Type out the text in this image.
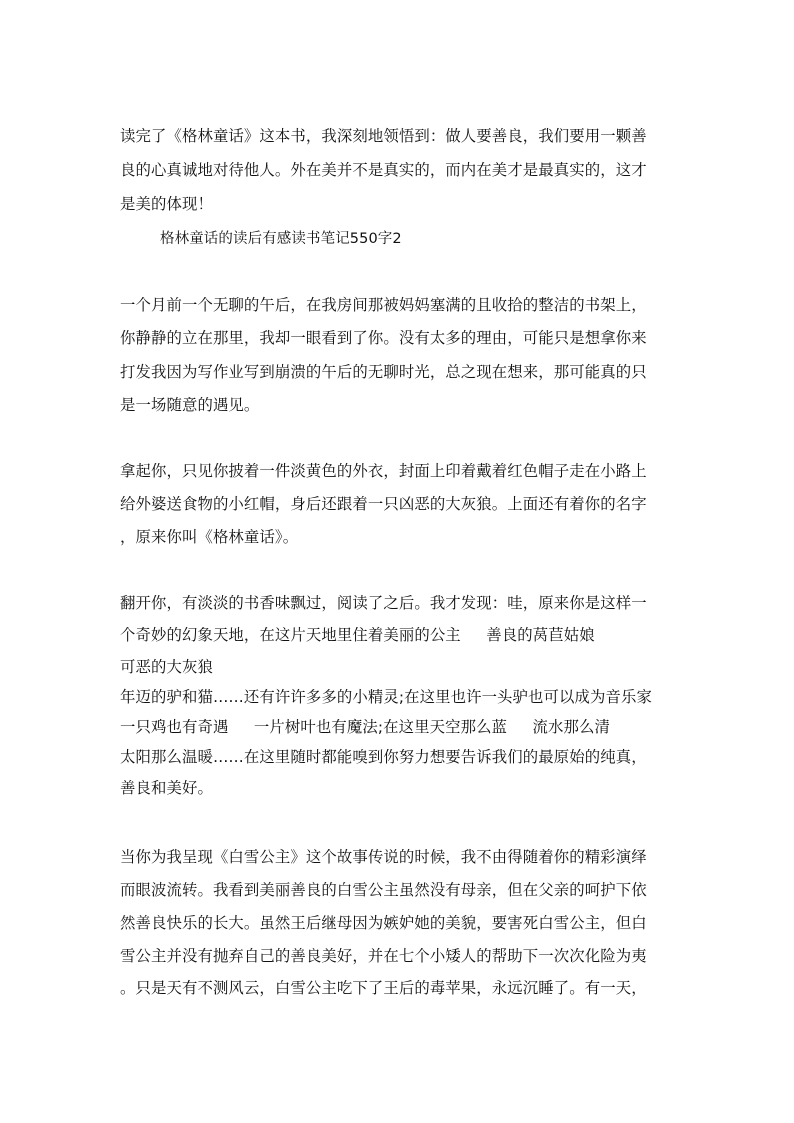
读完了《格林童话》这本书，我深刻地领悟到：做人要善良，我们要用一颗善
良的心真诚地对待他人。外在美并不是真实的，而内在美才是最真实的，这才
是美的体现！
格林童话的读后有感读书笔记550字2
一个月前一个无聊的午后，在我房间那被妈妈塞满的且收拾的整洁的书架上，
你静静的立在那里，我却一眼看到了你。没有太多的理由，可能只是想拿你来
打发我因为写作业写到崩溃的午后的无聊时光，总之现在想来，那可能真的只
是一场随意的遇见。
拿起你，只见你披着一件淡黄色的外衣，封面上印着戴着红色帽子走在小路上
给外婆送食物的小红帽，身后还跟着一只凶恶的大灰狼。上面还有着你的名字
，原来你叫《格林童话》。
翻开你，有淡淡的书香味飘过，阅读了之后。我才发现：哇，原来你是这样一
个奇妙的幻象天地，在这片天地里住着美丽的公主 　 善良的莴苣姑娘
可恶的大灰狼
年迈的驴和猫……还有许许多多的小精灵;在这里也许一头驴也可以成为音乐家
一只鸡也有奇遇 　 一片树叶也有魔法;在这里天空那么蓝 　 流水那么清
太阳那么温暖……在这里随时都能嗅到你努力想要告诉我们的最原始的纯真，
善良和美好。
当你为我呈现《白雪公主》这个故事传说的时候，我不由得随着你的精彩演绎
而眼波流转。我看到美丽善良的白雪公主虽然没有母亲，但在父亲的呵护下依
然善良快乐的长大。虽然王后继母因为嫉妒她的美貌，要害死白雪公主，但白
雪公主并没有抛弃自己的善良美好，并在七个小矮人的帮助下一次次化险为夷
。只是天有不测风云，白雪公主吃下了王后的毒苹果，永远沉睡了。有一天，
